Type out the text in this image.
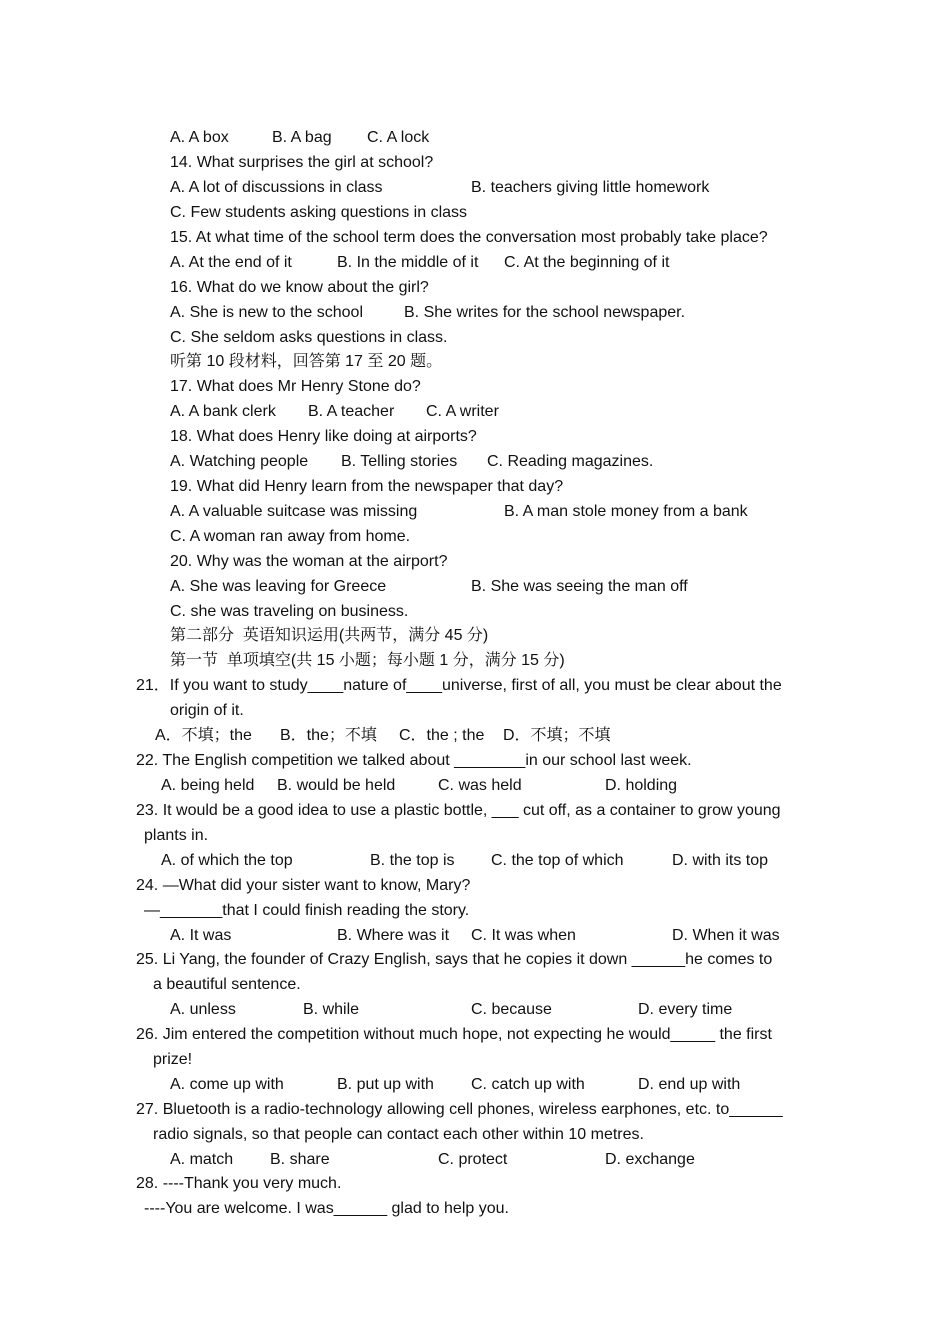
A. A box	B. A bag C. A lock
14. What surprises the girl at school?
A. A lot of discussions in class	B. teachers giving little homework
C. Few students asking questions in class
15. At what time of the school term does the conversation most probably take place?
A. At the end of it	B. In the middle of it C. At the beginning of it
16. What do we know about the girl?
A. She is new to the school	B. She writes for the school newspaper.
C. She seldom asks questions in class.
听第 10 段材料，回答第 17 至 20 题。
17. What does Mr Henry Stone do?
A. A bank clerk B. A teacher C. A writer
18. What does Henry like doing at airports?
A. Watching people B. Telling stories C. Reading magazines.
19. What did Henry learn from the newspaper that day?
A. A valuable suitcase was missing	B. A man stole money from a bank
C. A woman ran away from home.
20. Why was the woman at the airport?
A. She was leaving for Greece	B. She was seeing the man off
C. she was traveling on business.
第二部分  英语知识运用(共两节，满分 45 分)
第一节  单项填空(共 15 小题；每小题 1 分，满分 15 分)
21．If you want to study____nature of____universe, first of all, you must be clear about the
origin of it.
A．不填；the B．the；不填 C．the ; the D．不填；不填
22. The English competition we talked about ________in our school last week.
A. being held B. would be held	C. was held	D. holding
23. It would be a good idea to use a plastic bottle, ___ cut off, as a container to grow young
plants in.
A. of which the top	B. the top is C. the top of which	D. with its top
24. —What did your sister want to know, Mary?
—_______that I could finish reading the story.
A. It was	B. Where was it C. It was when	D. When it was
25. Li Yang, the founder of Crazy English, says that he copies it down ______he comes to
a beautiful sentence.
A. unless	B. while	C. because	D. every time
26. Jim entered the competition without much hope, not expecting he would_____ the first
prize!
A. come up with	B. put up with C. catch up with	D. end up with
27. Bluetooth is a radio-technology allowing cell phones, wireless earphones, etc. to______
radio signals, so that people can contact each other within 10 metres.
A. match B. share	C. protect	D. exchange
28. ----Thank you very much.
----You are welcome. I was______ glad to help you.
